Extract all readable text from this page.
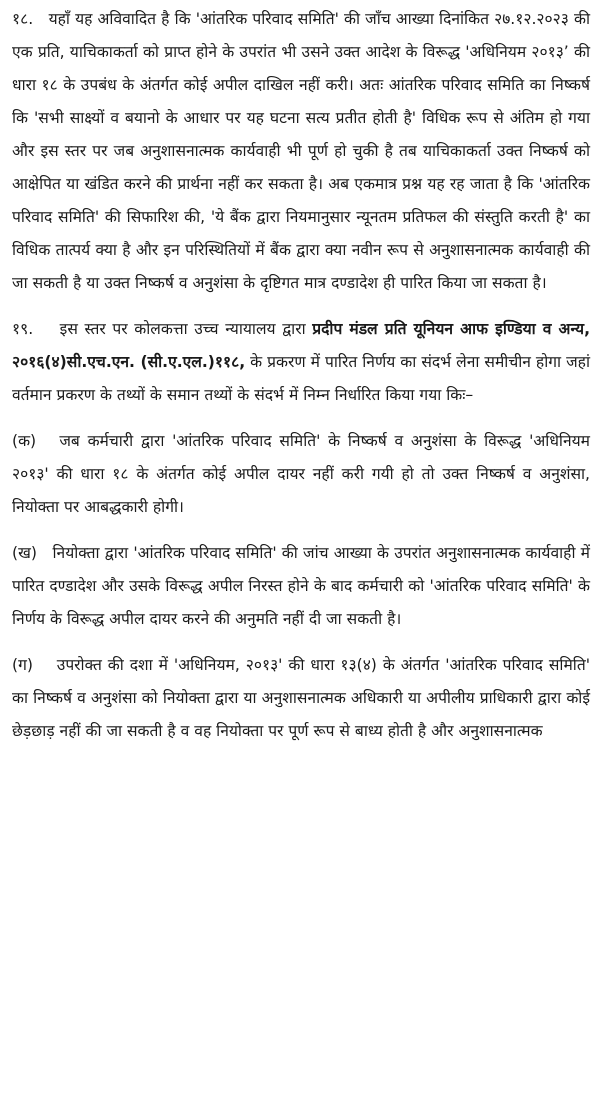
१८. यहाँ यह अविवादित है कि 'आंतरिक परिवाद समिति' की जाँच आख्या दिनांकित २७.१२.२०२३ की एक प्रति, याचिकाकर्ता को प्राप्त होने के उपरांत भी उसने उक्त आदेश के विरूद्ध 'अधिनियम २०१३’ की धारा १८ के उपबंध के अंतर्गत कोई अपील दाखिल नहीं करी। अतः आंतरिक परिवाद समिति का निष्कर्ष कि 'सभी साक्ष्यों व बयानो के आधार पर यह घटना सत्य प्रतीत होती है' विधिक रूप से अंतिम हो गया और इस स्तर पर जब अनुशासनात्मक कार्यवाही भी पूर्ण हो चुकी है तब याचिकाकर्ता उक्त निष्कर्ष को आक्षेपित या खंडित करने की प्रार्थना नहीं कर सकता है। अब एकमात्र प्रश्न यह रह जाता है कि 'आंतरिक परिवाद समिति' की सिफारिश की, 'ये बैंक द्वारा नियमानुसार न्यूनतम प्रतिफल की संस्तुति करती है' का विधिक तात्पर्य क्या है और इन परिस्थितियों में बैंक द्वारा क्या नवीन रूप से अनुशासनात्मक कार्यवाही की जा सकती है या उक्त निष्कर्ष व अनुशंसा के दृष्टिगत मात्र दण्डादेश ही पारित किया जा सकता है।

१९. इस स्तर पर कोलकत्ता उच्च न्यायालय द्वारा प्रदीप मंडल प्रति यूनियन आफ इण्डिया व अन्य, २०१६(४)सी.एच.एन. (सी.ए.एल.)११८, के प्रकरण में पारित निर्णय का संदर्भ लेना समीचीन होगा जहां वर्तमान प्रकरण के तथ्यों के समान तथ्यों के संदर्भ में निम्न निर्धारित किया गया किः–

(क) जब कर्मचारी द्वारा 'आंतरिक परिवाद समिति' के निष्कर्ष व अनुशंसा के विरूद्ध 'अधिनियम २०१३' की धारा १८ के अंतर्गत कोई अपील दायर नहीं करी गयी हो तो उक्त निष्कर्ष व अनुशंसा, नियोक्ता पर आबद्धकारी होगी।

(ख) नियोक्ता द्वारा 'आंतरिक परिवाद समिति' की जांच आख्या के उपरांत अनुशासनात्मक कार्यवाही में पारित दण्डादेश और उसके विरूद्ध अपील निरस्त होने के बाद कर्मचारी को 'आंतरिक परिवाद समिति' के निर्णय के विरूद्ध अपील दायर करने की अनुमति नहीं दी जा सकती है।

(ग) उपरोक्त की दशा में 'अधिनियम, २०१३' की धारा १३(४) के अंतर्गत 'आंतरिक परिवाद समिति' का निष्कर्ष व अनुशंसा को नियोक्ता द्वारा या अनुशासनात्मक अधिकारी या अपीलीय प्राधिकारी द्वारा कोई छेड़छाड़ नहीं की जा सकती है व वह नियोक्ता पर पूर्ण रूप से बाध्य होती है और अनुशासनात्मक
